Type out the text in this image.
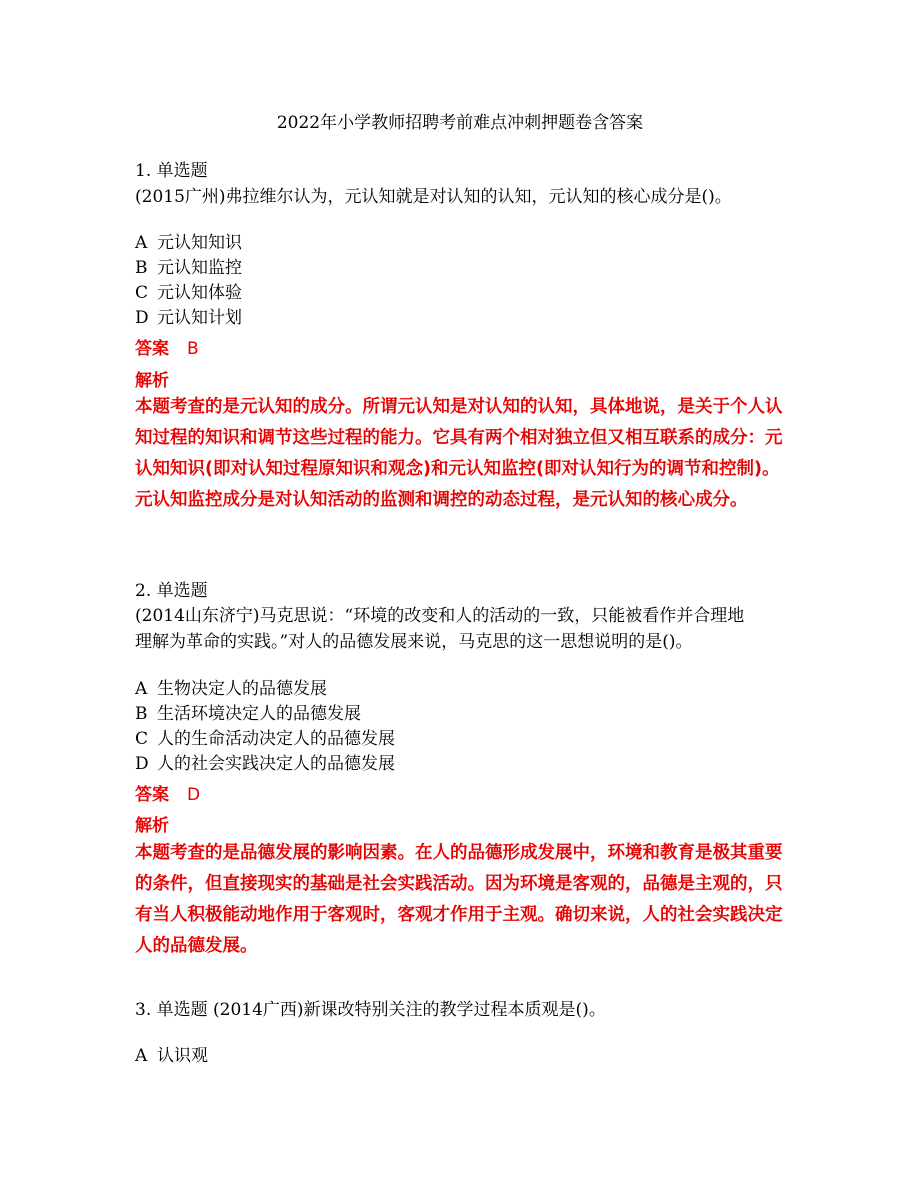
2022年小学教师招聘考前难点冲刺押题卷含答案
1. 单选题
(2015广州)弗拉维尔认为，元认知就是对认知的认知，元认知的核心成分是()。
A 元认知知识
B 元认知监控
C 元认知体验
D 元认知计划
答案 B
解析
本题考查的是元认知的成分。所谓元认知是对认知的认知，具体地说，是关于个人认知过程的知识和调节这些过程的能力。它具有两个相对独立但又相互联系的成分：元认知知识(即对认知过程原知识和观念)和元认知监控(即对认知行为的调节和控制)。元认知监控成分是对认知活动的监测和调控的动态过程，是元认知的核心成分。
2. 单选题
(2014山东济宁)马克思说：“环境的改变和人的活动的一致，只能被看作并合理地
理解为革命的实践。”对人的品德发展来说，马克思的这一思想说明的是()。
A 生物决定人的品德发展
B 生活环境决定人的品德发展
C 人的生命活动决定人的品德发展
D 人的社会实践决定人的品德发展
答案 D
解析
本题考查的是品德发展的影响因素。在人的品德形成发展中，环境和教育是极其重要的条件，但直接现实的基础是社会实践活动。因为环境是客观的，品德是主观的，只有当人积极能动地作用于客观时，客观才作用于主观。确切来说，人的社会实践决定人的品德发展。
3. 单选题 (2014广西)新课改特别关注的教学过程本质观是()。
A 认识观
